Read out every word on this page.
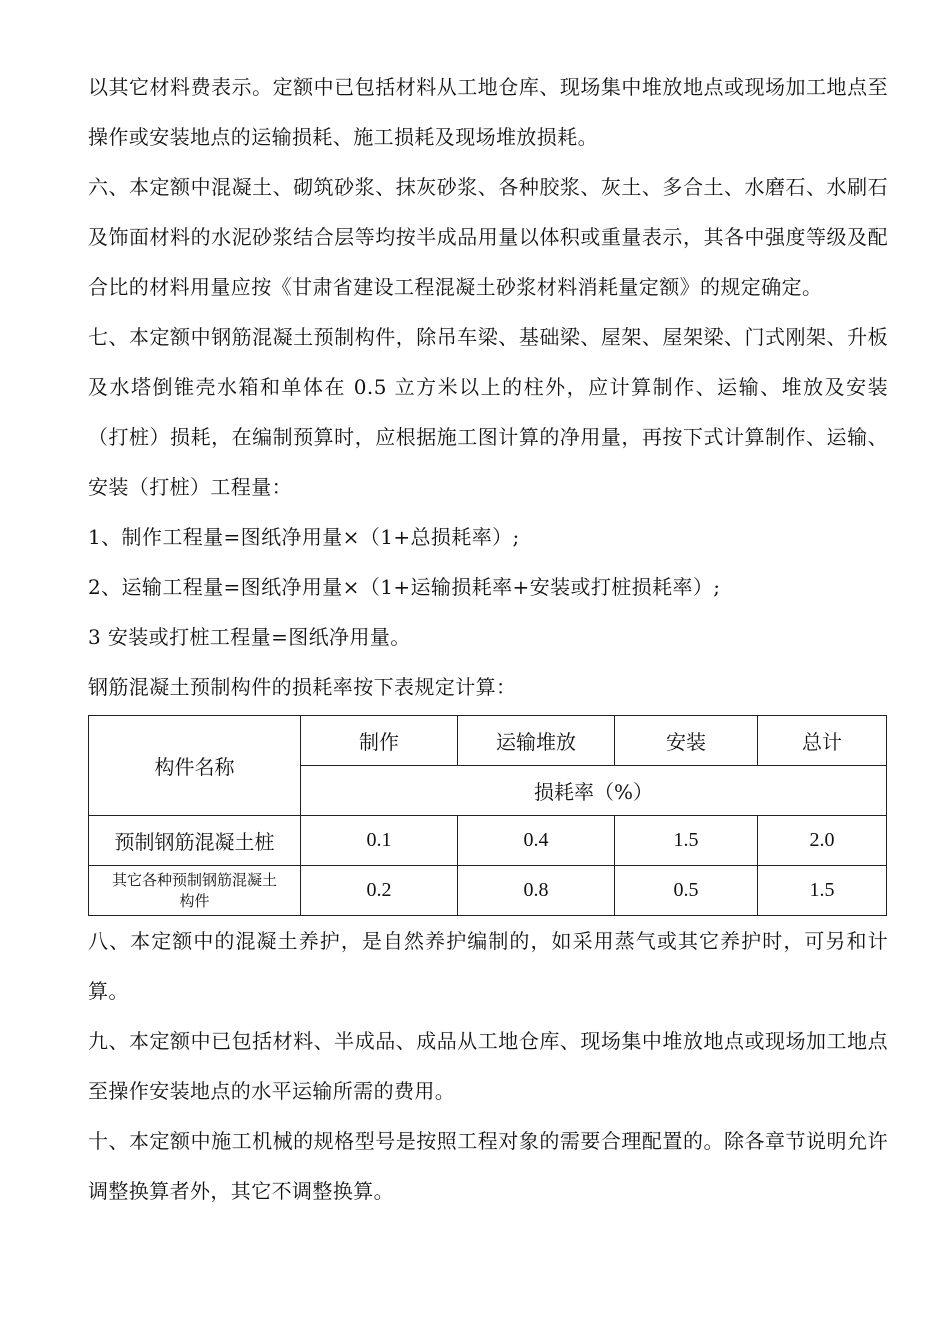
以其它材料费表示。定额中已包括材料从工地仓库、现场集中堆放地点或现场加工地点至操作或安装地点的运输损耗、施工损耗及现场堆放损耗。

六、本定额中混凝土、砌筑砂浆、抹灰砂浆、各种胶浆、灰土、多合土、水磨石、水刷石及饰面材料的水泥砂浆结合层等均按半成品用量以体积或重量表示，其各中强度等级及配合比的材料用量应按《甘肃省建设工程混凝土砂浆材料消耗量定额》的规定确定。

七、本定额中钢筋混凝土预制构件，除吊车梁、基础梁、屋架、屋架梁、门式刚架、升板及水塔倒锥壳水箱和单体在 0.5 立方米以上的柱外，应计算制作、运输、堆放及安装（打桩）损耗，在编制预算时，应根据施工图计算的净用量，再按下式计算制作、运输、安装（打桩）工程量：

1、制作工程量=图纸净用量×（1+总损耗率）;

2、运输工程量=图纸净用量×（1+运输损耗率+安装或打桩损耗率）;

3 安装或打桩工程量=图纸净用量。

钢筋混凝土预制构件的损耗率按下表规定计算：

构件名称	制作	运输堆放	安装	总计
	损耗率（%）			
预制钢筋混凝土桩	0.1	0.4	1.5	2.0

其它各种预制钢筋混凝土
构件	0.2	0.8	0.5	1.5

八、本定额中的混凝土养护，是自然养护编制的，如采用蒸气或其它养护时，可另和计算。

九、本定额中已包括材料、半成品、成品从工地仓库、现场集中堆放地点或现场加工地点至操作安装地点的水平运输所需的费用。

十、本定额中施工机械的规格型号是按照工程对象的需要合理配置的。除各章节说明允许调整换算者外，其它不调整换算。
